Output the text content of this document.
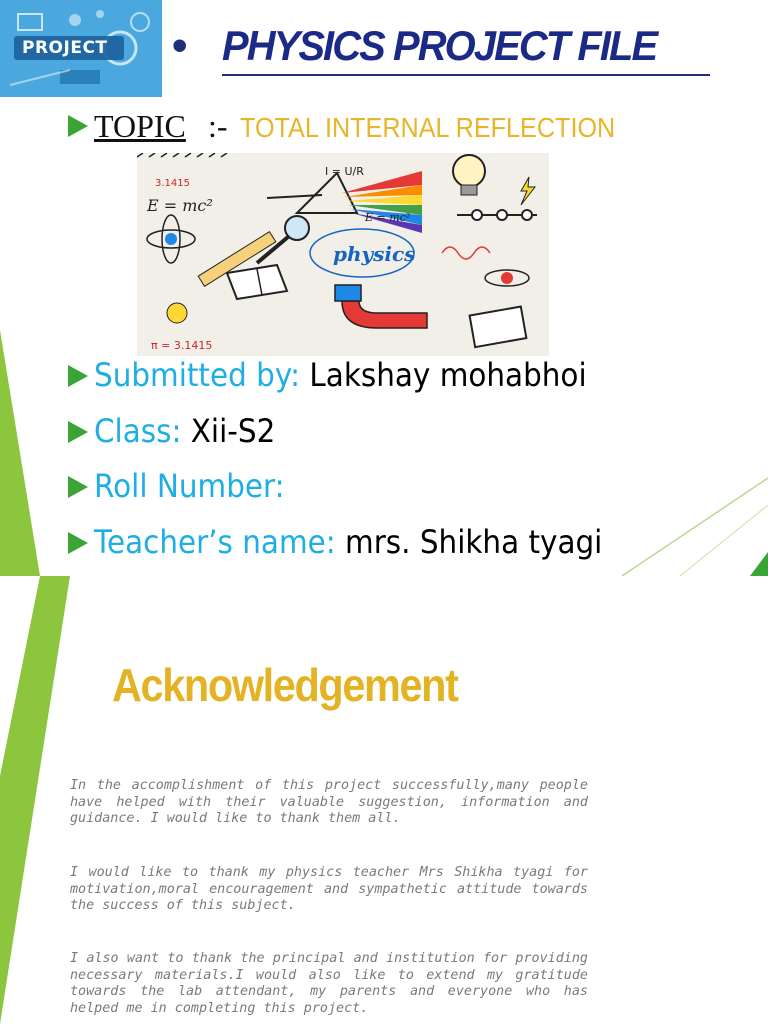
PROJECT • PHYSICS PROJECT FILE
TOPIC :- TOTAL INTERNAL REFLECTION
E = mc²
E = mc²
π = 3.1415
3.1415
I = U/R
physics
Submitted by: Lakshay mohabhoi
Class: Xii-S2
Roll Number:
Teacher’s name: mrs. Shikha tyagi
Acknowledgement

In the accomplishment of this project successfully,many people have helped with their valuable suggestion, information and guidance. I would like to thank them all.

I would like to thank my physics teacher Mrs Shikha tyagi for motivation,moral encouragement and sympathetic attitude towards the success of this subject.

I also want to thank the principal and institution for providing necessary materials.I would also like to extend my gratitude towards the lab attendant, my parents and everyone who has helped me in completing this project.
